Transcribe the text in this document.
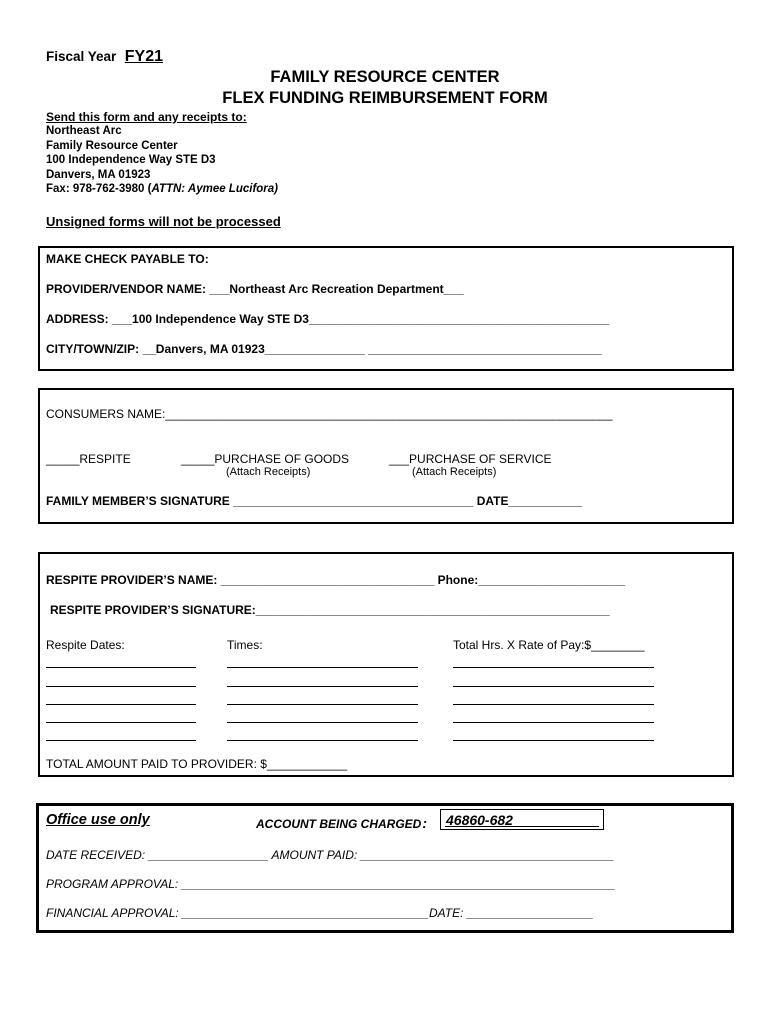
Fiscal Year FY21
FAMILY RESOURCE CENTER
FLEX FUNDING REIMBURSEMENT FORM
Send this form and any receipts to:
Northeast Arc
Family Resource Center
100 Independence Way STE D3
Danvers, MA 01923
Fax: 978-762-3980 (ATTN: Aymee Lucifora)
Unsigned forms will not be processed
MAKE CHECK PAYABLE TO:
PROVIDER/VENDOR NAME: ___Northeast Arc Recreation Department___
ADDRESS: ___100 Independence Way STE D3_____________________________________________
CITY/TOWN/ZIP: __Danvers, MA 01923_______________ ___________________________________
CONSUMERS NAME:___________________________________________________________________
_____RESPITE	_____PURCHASE OF GOODS
(Attach Receipts)
___PURCHASE OF SERVICE
(Attach Receipts)
FAMILY MEMBER’S SIGNATURE ____________________________________ DATE___________
RESPITE PROVIDER’S NAME: ________________________________ Phone:______________________
RESPITE PROVIDER’S SIGNATURE:_____________________________________________________
Respite Dates:	Times:	Total Hrs. X Rate of Pay:$________
TOTAL AMOUNT PAID TO PROVIDER: $____________
Office use only	ACCOUNT BEING CHARGED: 46860-682
DATE RECEIVED: __________________ AMOUNT PAID: ______________________________________
PROGRAM APPROVAL: _________________________________________________________________
FINANCIAL APPROVAL: _____________________________________DATE: ___________________
